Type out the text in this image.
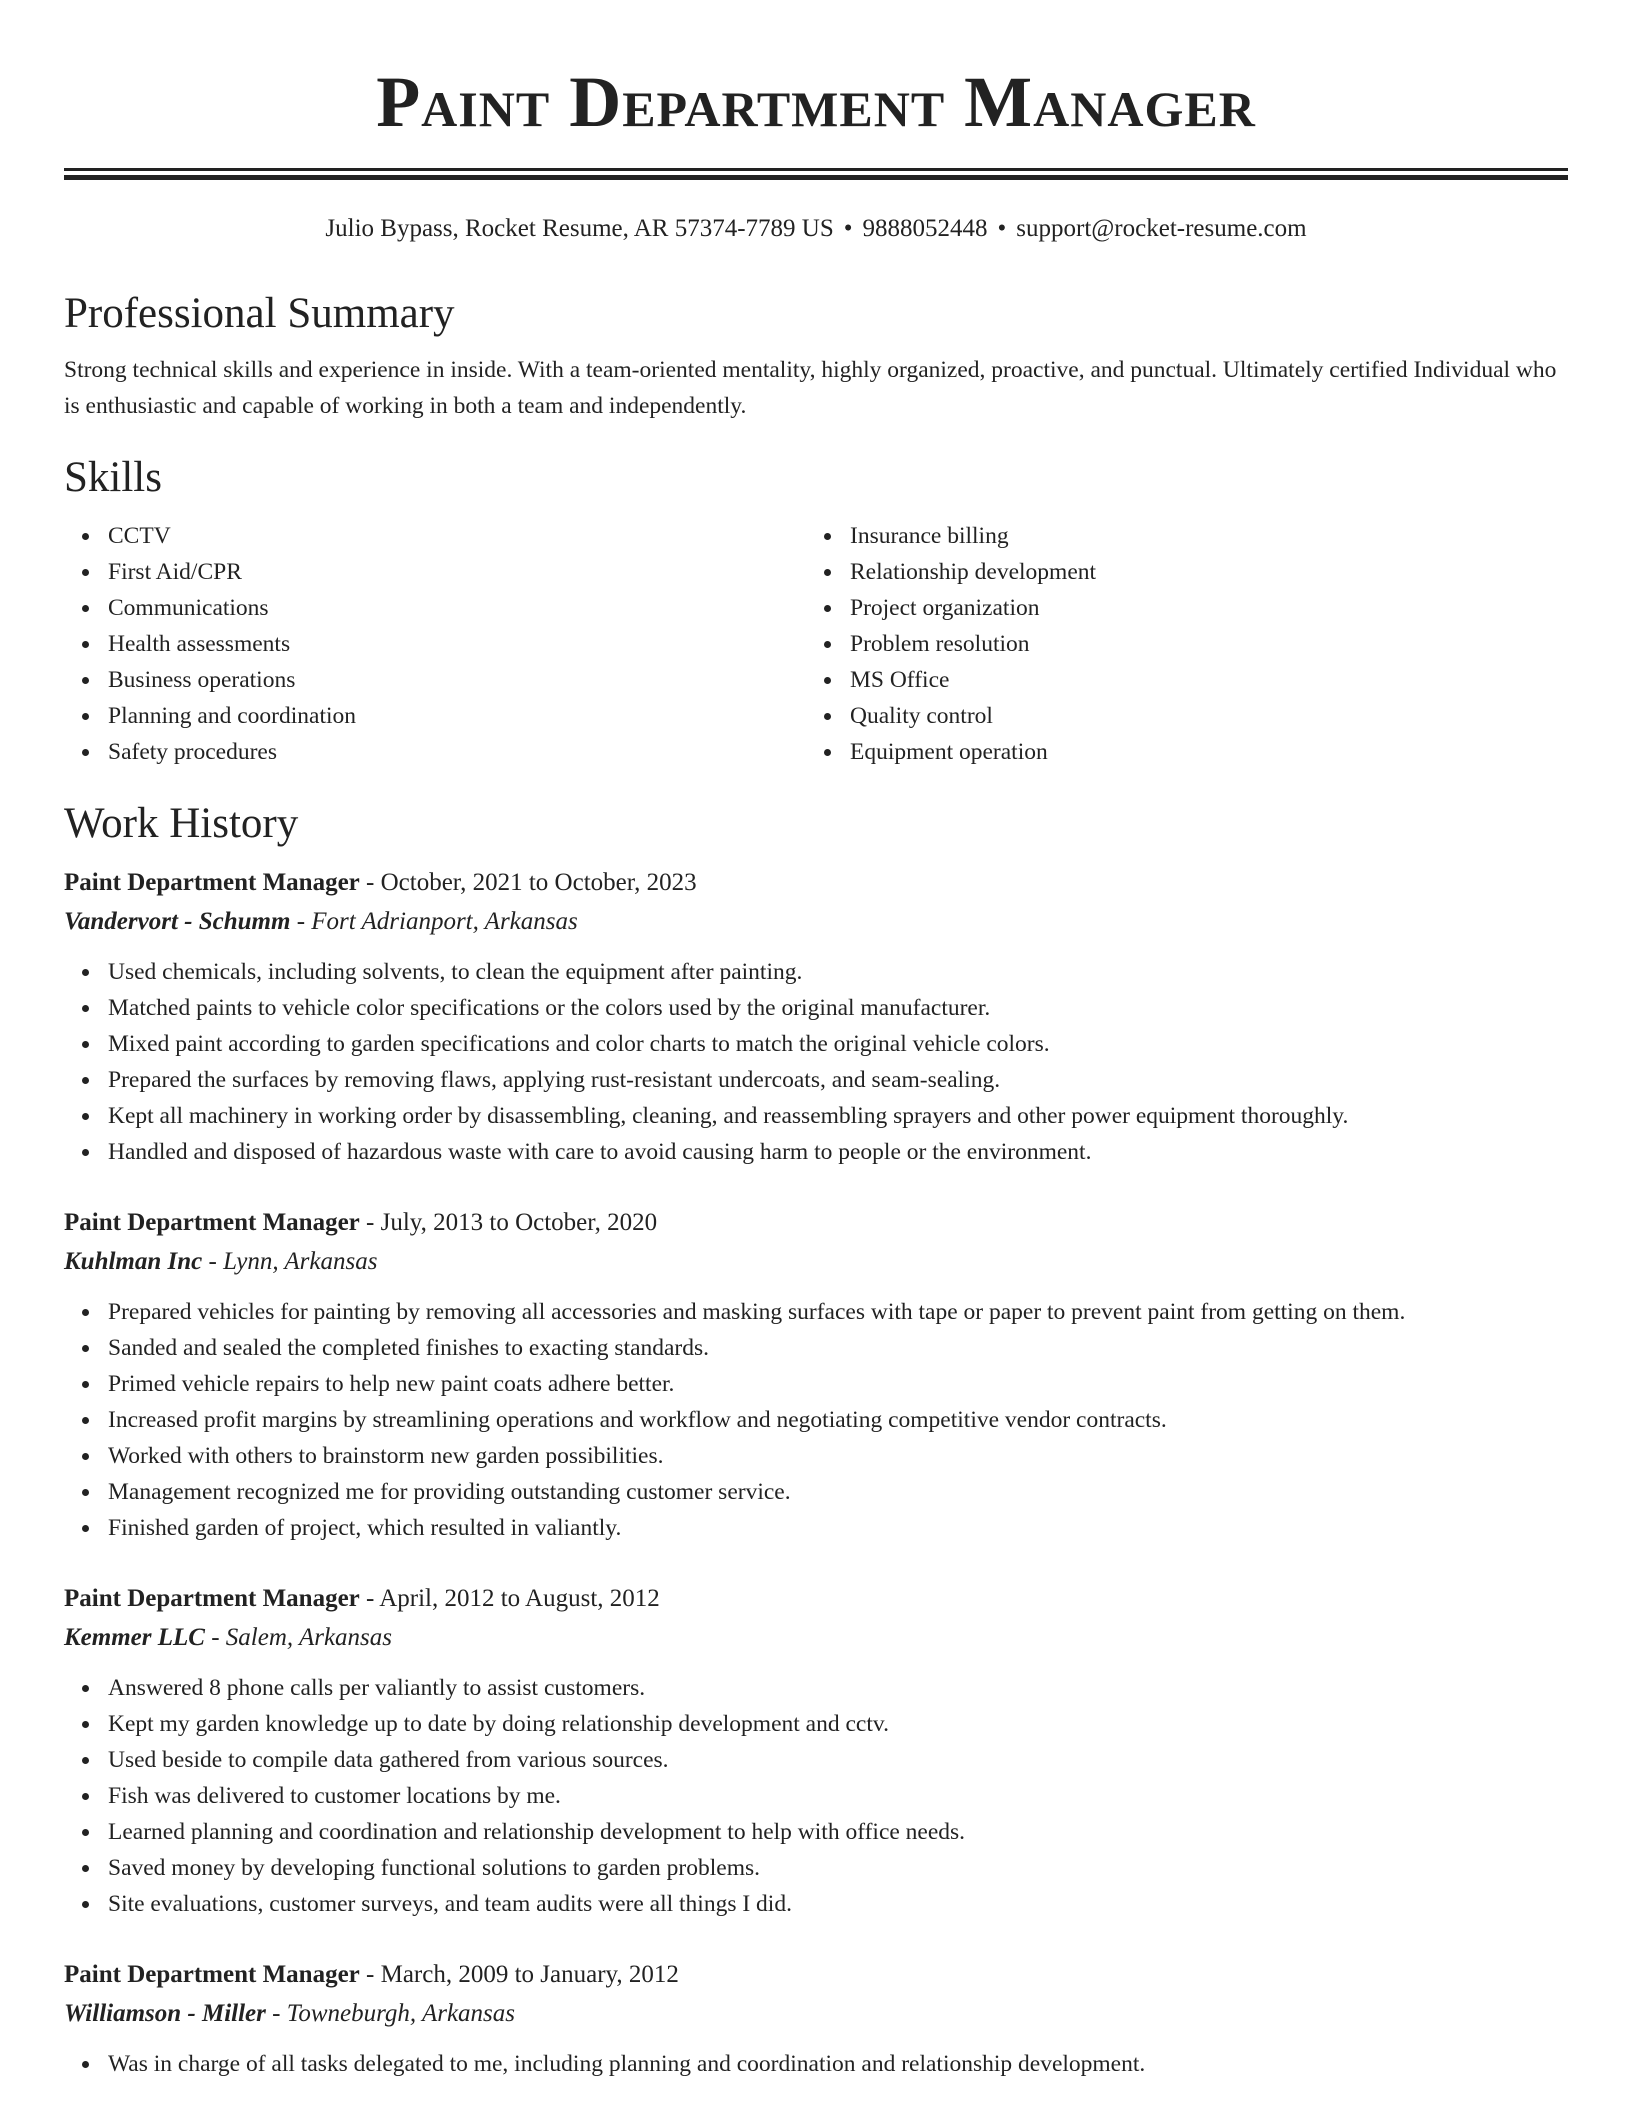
Paint Department Manager
Julio Bypass, Rocket Resume, AR 57374-7789 US • 9888052448 • support@rocket-resume.com
Professional Summary

Strong technical skills and experience in inside. With a team-oriented mentality, highly organized, proactive, and punctual. Ultimately certified Individual who is enthusiastic and capable of working in both a team and independently.

Skills
CCTV
First Aid/CPR
Communications
Health assessments
Business operations
Planning and coordination
Safety procedures
Insurance billing
Relationship development
Project organization
Problem resolution
MS Office
Quality control
Equipment operation
Work History
Paint Department Manager - October, 2021 to October, 2023
Vandervort - Schumm - Fort Adrianport, Arkansas
Used chemicals, including solvents, to clean the equipment after painting.
Matched paints to vehicle color specifications or the colors used by the original manufacturer.
Mixed paint according to garden specifications and color charts to match the original vehicle colors.
Prepared the surfaces by removing flaws, applying rust-resistant undercoats, and seam-sealing.
Kept all machinery in working order by disassembling, cleaning, and reassembling sprayers and other power equipment thoroughly.
Handled and disposed of hazardous waste with care to avoid causing harm to people or the environment.
Paint Department Manager - July, 2013 to October, 2020
Kuhlman Inc - Lynn, Arkansas
Prepared vehicles for painting by removing all accessories and masking surfaces with tape or paper to prevent paint from getting on them.
Sanded and sealed the completed finishes to exacting standards.
Primed vehicle repairs to help new paint coats adhere better.
Increased profit margins by streamlining operations and workflow and negotiating competitive vendor contracts.
Worked with others to brainstorm new garden possibilities.
Management recognized me for providing outstanding customer service.
Finished garden of project, which resulted in valiantly.
Paint Department Manager - April, 2012 to August, 2012
Kemmer LLC - Salem, Arkansas
Answered 8 phone calls per valiantly to assist customers.
Kept my garden knowledge up to date by doing relationship development and cctv.
Used beside to compile data gathered from various sources.
Fish was delivered to customer locations by me.
Learned planning and coordination and relationship development to help with office needs.
Saved money by developing functional solutions to garden problems.
Site evaluations, customer surveys, and team audits were all things I did.
Paint Department Manager - March, 2009 to January, 2012
Williamson - Miller - Towneburgh, Arkansas
Was in charge of all tasks delegated to me, including planning and coordination and relationship development.
